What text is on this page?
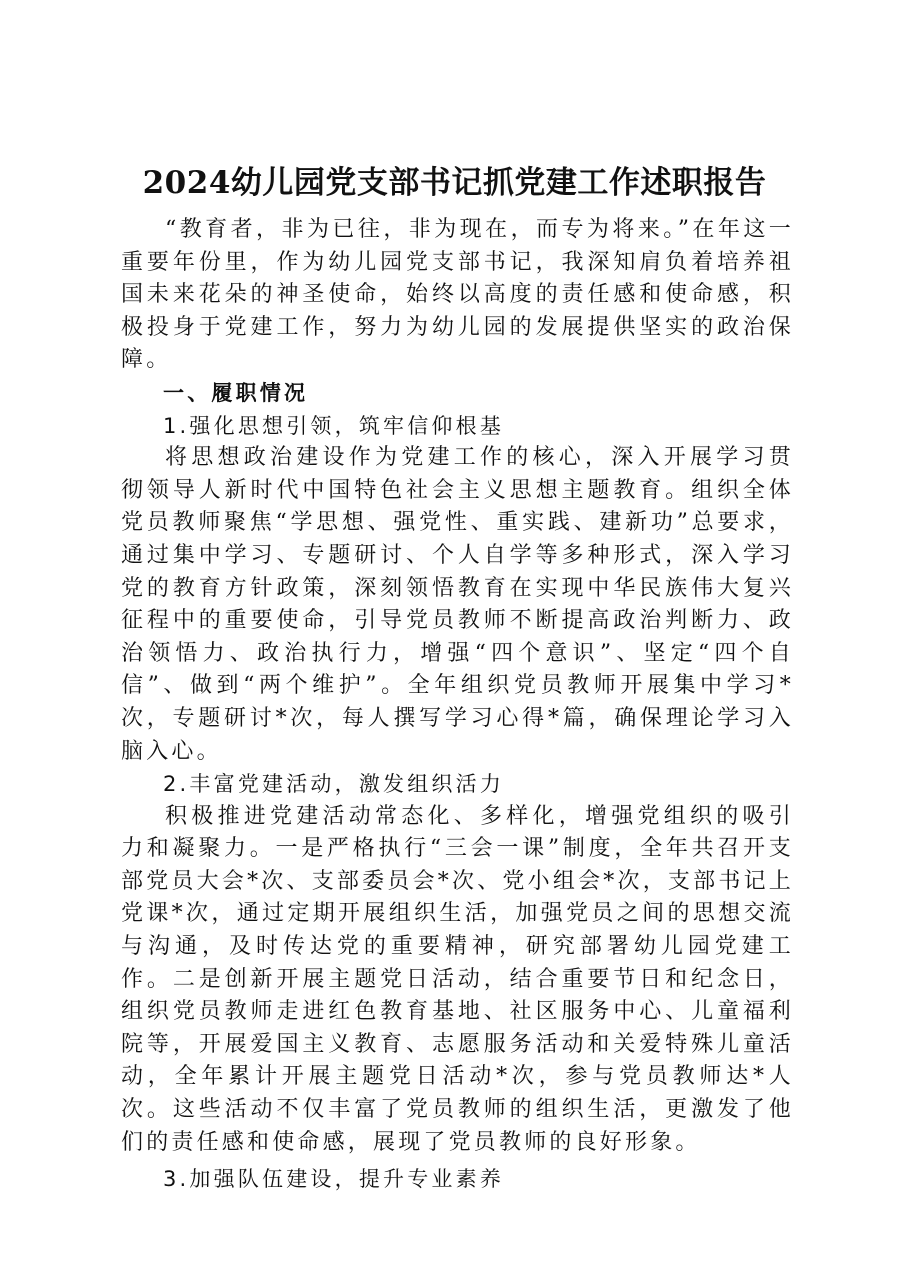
2024幼儿园党支部书记抓党建工作述职报告

“教育者，非为已往，非为现在，而专为将来。”在年这一重要年份里，作为幼儿园党支部书记，我深知肩负着培养祖国未来花朵的神圣使命，始终以高度的责任感和使命感，积极投身于党建工作，努力为幼儿园的发展提供坚实的政治保障。

一、履职情况

1.强化思想引领，筑牢信仰根基

将思想政治建设作为党建工作的核心，深入开展学习贯彻领导人新时代中国特色社会主义思想主题教育。组织全体党员教师聚焦“学思想、强党性、重实践、建新功”总要求，通过集中学习、专题研讨、个人自学等多种形式，深入学习党的教育方针政策，深刻领悟教育在实现中华民族伟大复兴征程中的重要使命，引导党员教师不断提高政治判断力、政治领悟力、政治执行力，增强“四个意识”、坚定“四个自信”、做到“两个维护”。全年组织党员教师开展集中学习*次，专题研讨*次，每人撰写学习心得*篇，确保理论学习入脑入心。

2.丰富党建活动，激发组织活力

积极推进党建活动常态化、多样化，增强党组织的吸引力和凝聚力。一是严格执行“三会一课”制度，全年共召开支部党员大会*次、支部委员会*次、党小组会*次，支部书记上党课*次，通过定期开展组织生活，加强党员之间的思想交流与沟通，及时传达党的重要精神，研究部署幼儿园党建工作。二是创新开展主题党日活动，结合重要节日和纪念日，组织党员教师走进红色教育基地、社区服务中心、儿童福利院等，开展爱国主义教育、志愿服务活动和关爱特殊儿童活动，全年累计开展主题党日活动*次，参与党员教师达*人次。这些活动不仅丰富了党员教师的组织生活，更激发了他们的责任感和使命感，展现了党员教师的良好形象。

3.加强队伍建设，提升专业素养
